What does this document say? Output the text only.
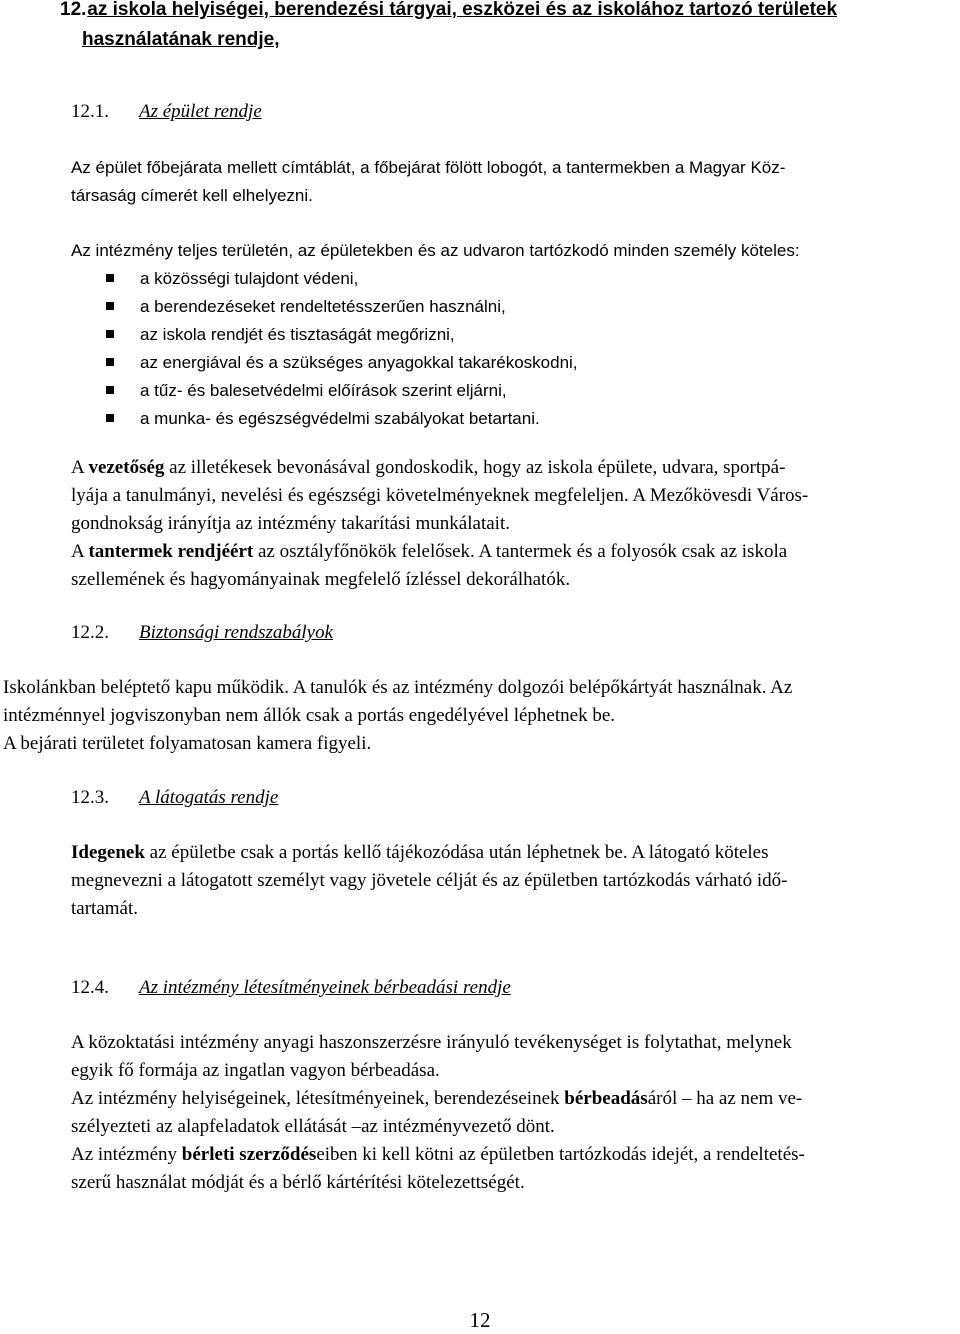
12. az iskola helyiségei, berendezési tárgyai, eszközei és az iskolához tartozó területek
használatának rendje,
12.1. Az épület rendje
Az épület főbejárata mellett címtáblát, a főbejárat fölött lobogót, a tantermekben a Magyar Köz-
társaság címerét kell elhelyezni.
Az intézmény teljes területén, az épületekben és az udvaron tartózkodó minden személy köteles:
a közösségi tulajdont védeni,
a berendezéseket rendeltetésszerűen használni,
az iskola rendjét és tisztaságát megőrizni,
az energiával és a szükséges anyagokkal takarékoskodni,
a tűz- és balesetvédelmi előírások szerint eljárni,
a munka- és egészségvédelmi szabályokat betartani.
A vezetőség az illetékesek bevonásával gondoskodik, hogy az iskola épülete, udvara, sportpá-
lyája a tanulmányi, nevelési és egészségi követelményeknek megfeleljen. A Mezőkövesdi Város-
gondnokság irányítja az intézmény takarítási munkálatait.
A tantermek rendjéért az osztályfőnökök felelősek. A tantermek és a folyosók csak az iskola
szellemének és hagyományainak megfelelő ízléssel dekorálhatók.
12.2. Biztonsági rendszabályok
Iskolánkban beléptető kapu működik. A tanulók és az intézmény dolgozói belépőkártyát használnak. Az
intézménnyel jogviszonyban nem állók csak a portás engedélyével léphetnek be.
A bejárati területet folyamatosan kamera figyeli.
12.3. A látogatás rendje
Idegenek az épületbe csak a portás kellő tájékozódása után léphetnek be. A látogató köteles
megnevezni a látogatott személyt vagy jövetele célját és az épületben tartózkodás várható idő-
tartamát.
12.4. Az intézmény létesítményeinek bérbeadási rendje
A közoktatási intézmény anyagi haszonszerzésre irányuló tevékenységet is folytathat, melynek
egyik fő formája az ingatlan vagyon bérbeadása.
Az intézmény helyiségeinek, létesítményeinek, berendezéseinek bérbeadásáról – ha az nem ve-
szélyezteti az alapfeladatok ellátását –az intézményvezető dönt.
Az intézmény bérleti szerződéseiben ki kell kötni az épületben tartózkodás idejét, a rendeltetés-
szerű használat módját és a bérlő kártérítési kötelezettségét.
12
